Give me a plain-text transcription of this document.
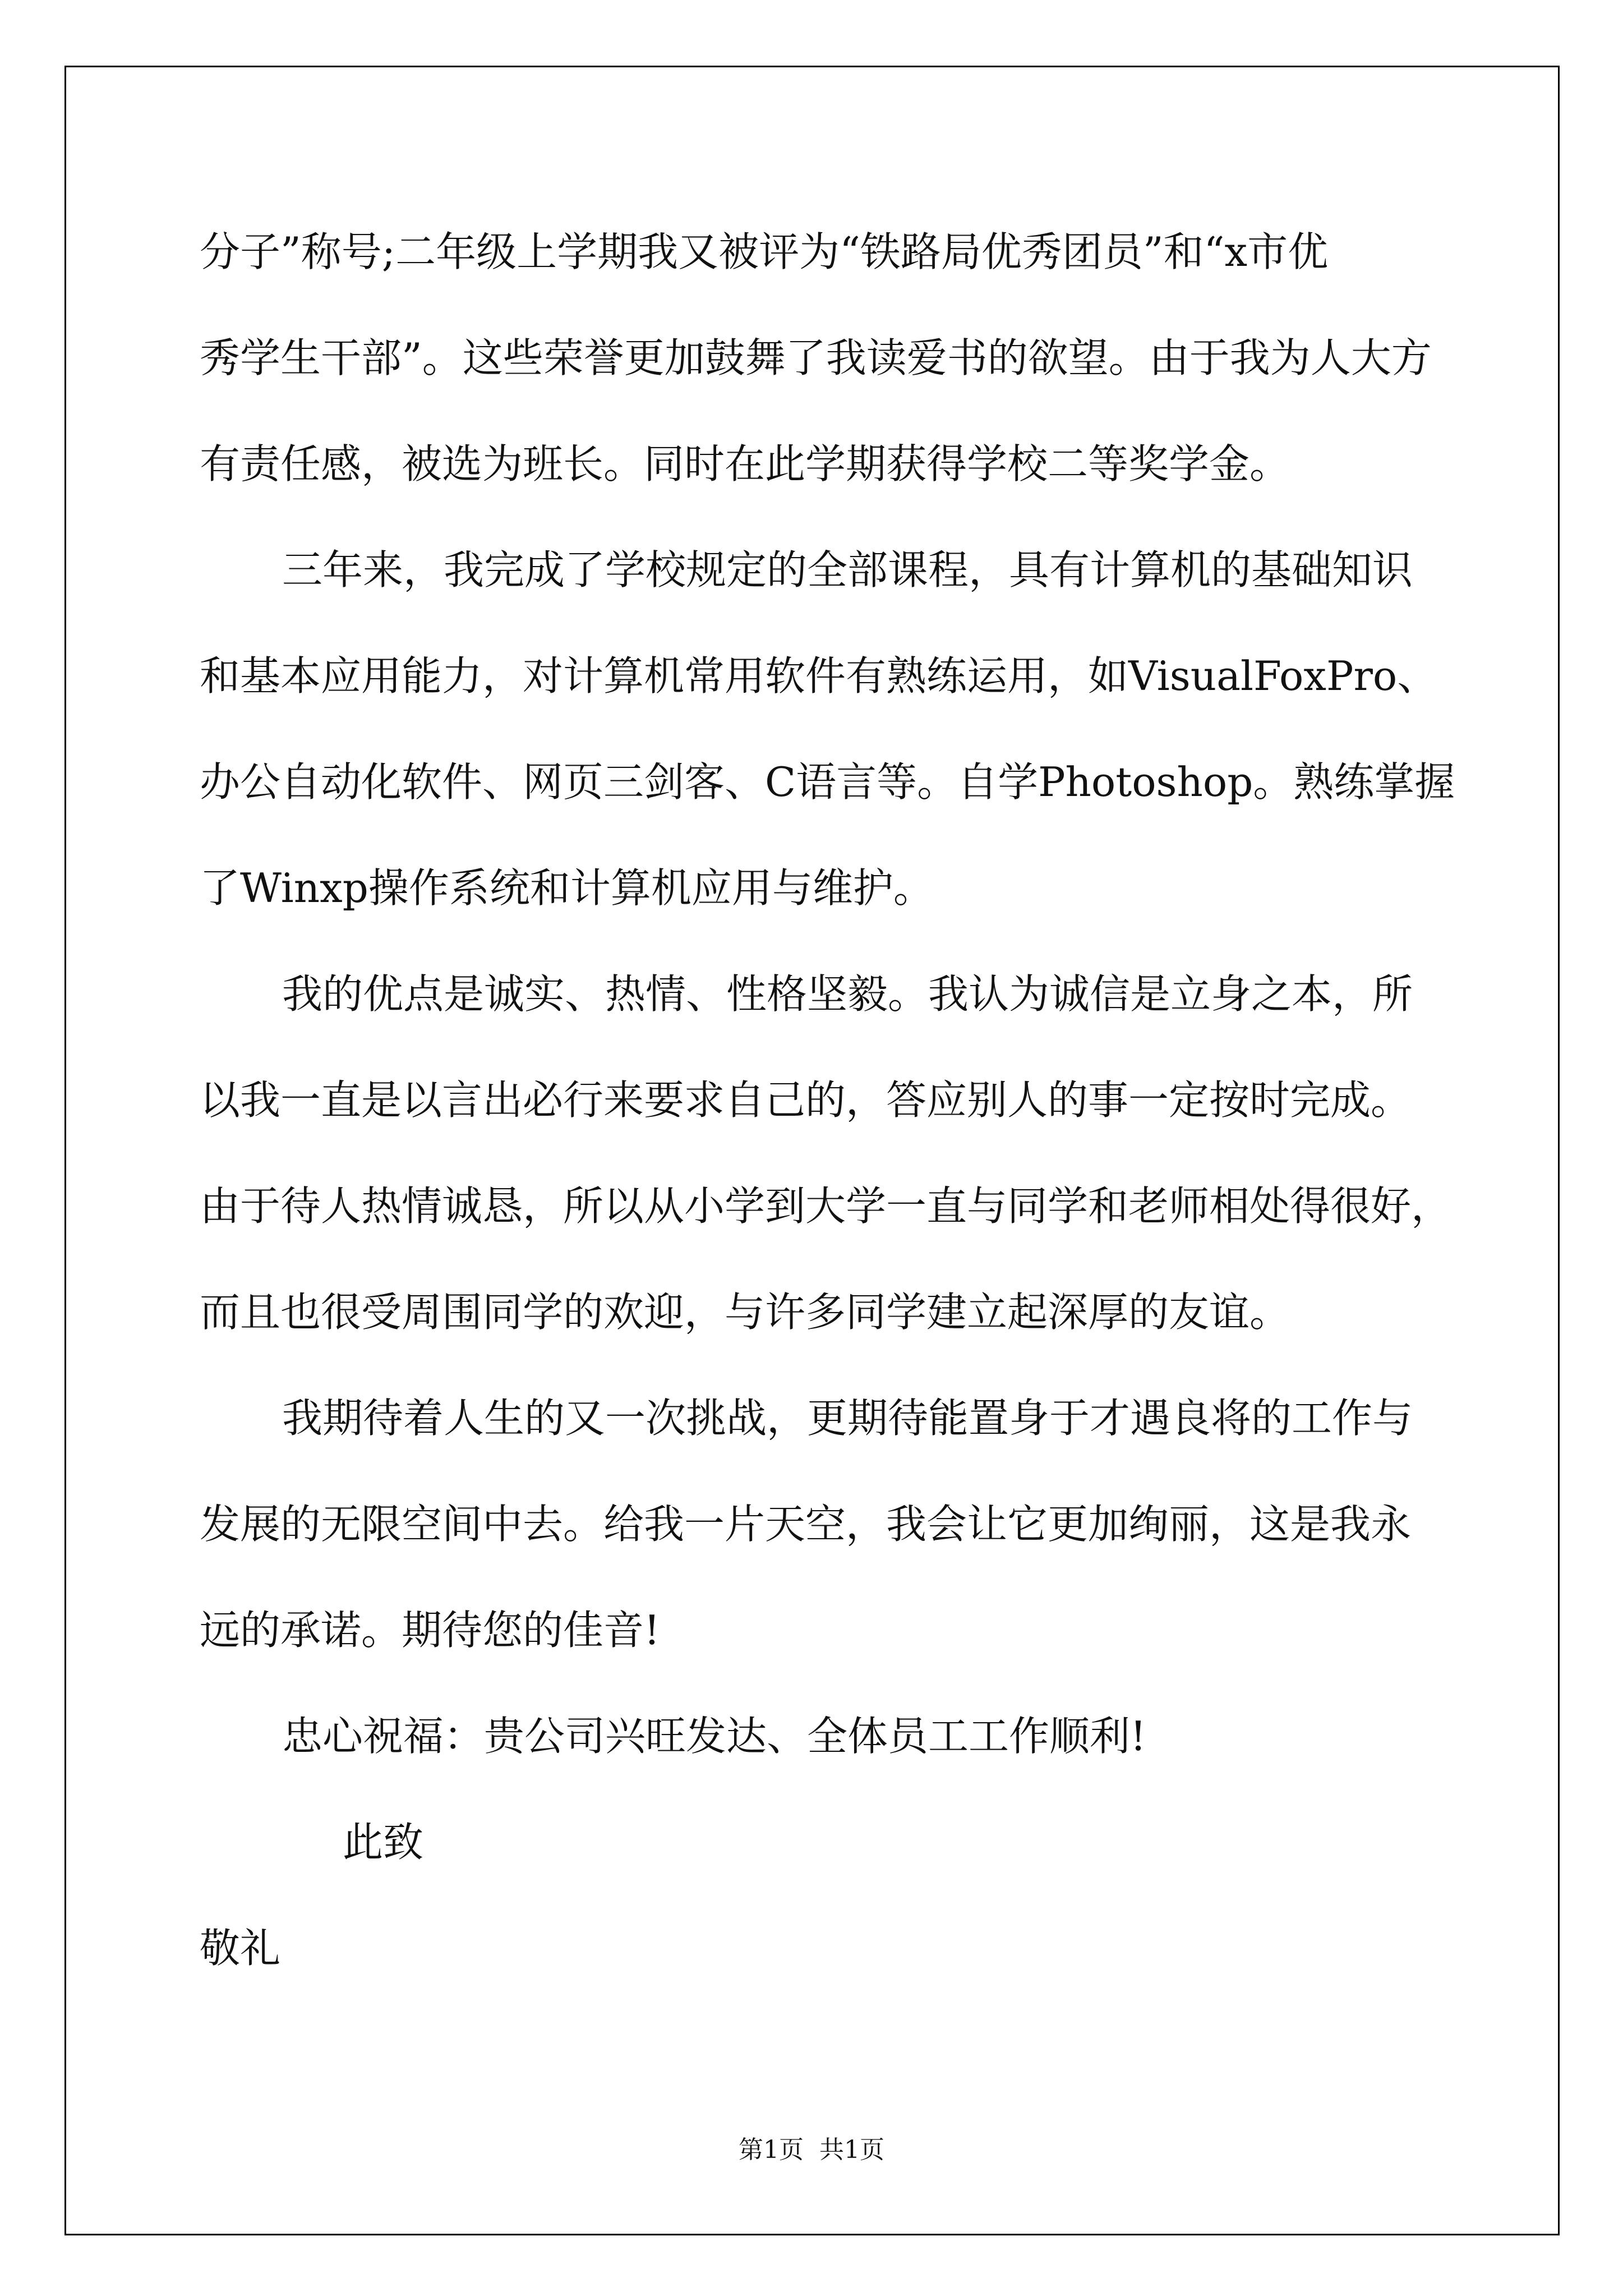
分子”称号;二年级上学期我又被评为“铁路局优秀团员”和“x市优
秀学生干部”。这些荣誉更加鼓舞了我读爱书的欲望。由于我为人大方
有责任感，被选为班长。同时在此学期获得学校二等奖学金。
三年来，我完成了学校规定的全部课程，具有计算机的基础知识
和基本应用能力，对计算机常用软件有熟练运用，如VisualFoxPro、
办公自动化软件、网页三剑客、C语言等。自学Photoshop。熟练掌握
了Winxp操作系统和计算机应用与维护。
我的优点是诚实、热情、性格坚毅。我认为诚信是立身之本，所
以我一直是以言出必行来要求自己的，答应别人的事一定按时完成。
由于待人热情诚恳，所以从小学到大学一直与同学和老师相处得很好，
而且也很受周围同学的欢迎，与许多同学建立起深厚的友谊。
我期待着人生的又一次挑战，更期待能置身于才遇良将的工作与
发展的无限空间中去。给我一片天空，我会让它更加绚丽，这是我永
远的承诺。期待您的佳音!
忠心祝福：贵公司兴旺发达、全体员工工作顺利!
此致
敬礼
第1页  共1页
